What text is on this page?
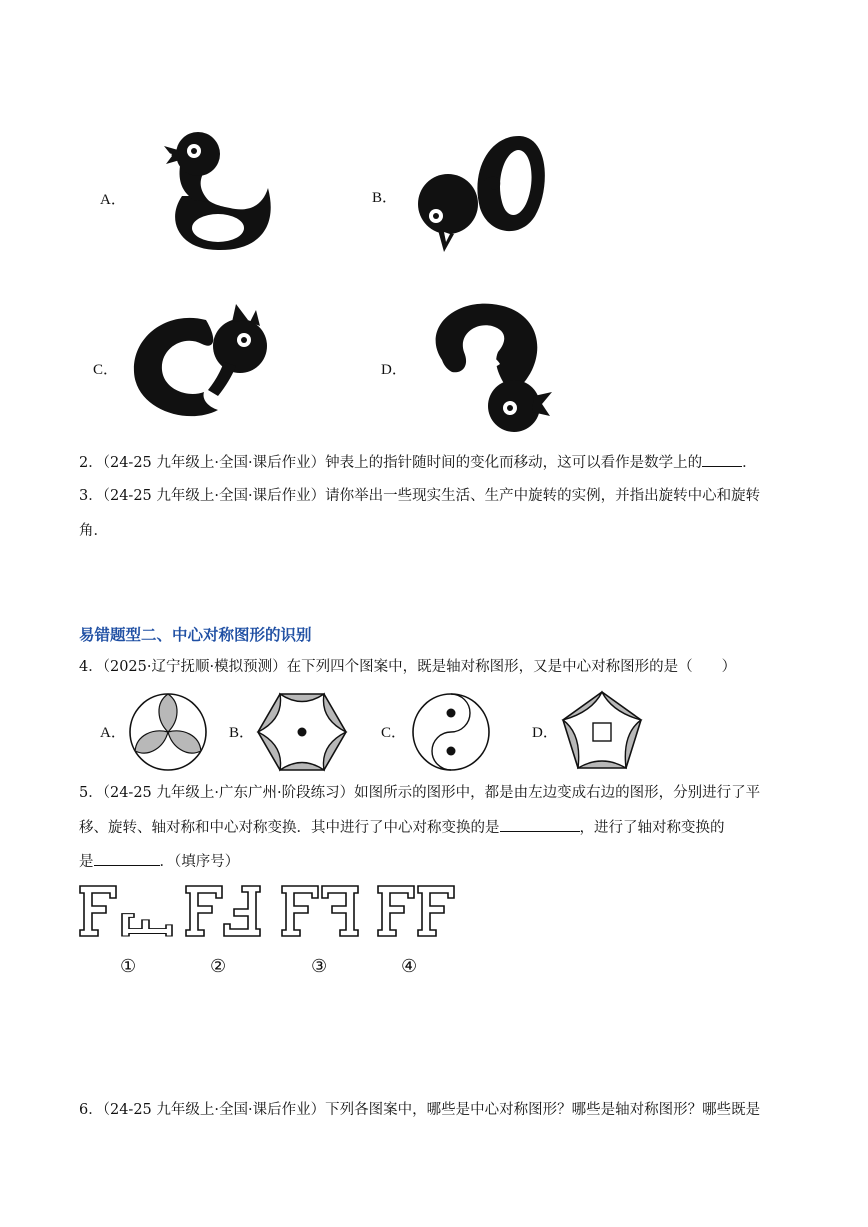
A．	B．
C．	D．
2．（24-25 九年级上·全国·课后作业）钟表上的指针随时间的变化而移动，这可以看作是数学上的	．
3．（24-25 九年级上·全国·课后作业）请你举出一些现实生活、生产中旋转的实例，并指出旋转中心和旋转
角．
易错题型二、中心对称图形的识别
4．（2025·辽宁抚顺·模拟预测）在下列四个图案中，既是轴对称图形，又是中心对称图形的是（　　）
A．	B．	C．	D．
5．（24-25 九年级上·广东广州·阶段练习）如图所示的图形中，都是由左边变成右边的图形，分别进行了平
移、旋转、轴对称和中心对称变换．其中进行了中心对称变换的是	，进行了轴对称变换的
是	．（填序号）
①	②	③	④
6．（24-25 九年级上·全国·课后作业）下列各图案中，哪些是中心对称图形？哪些是轴对称图形？哪些既是
